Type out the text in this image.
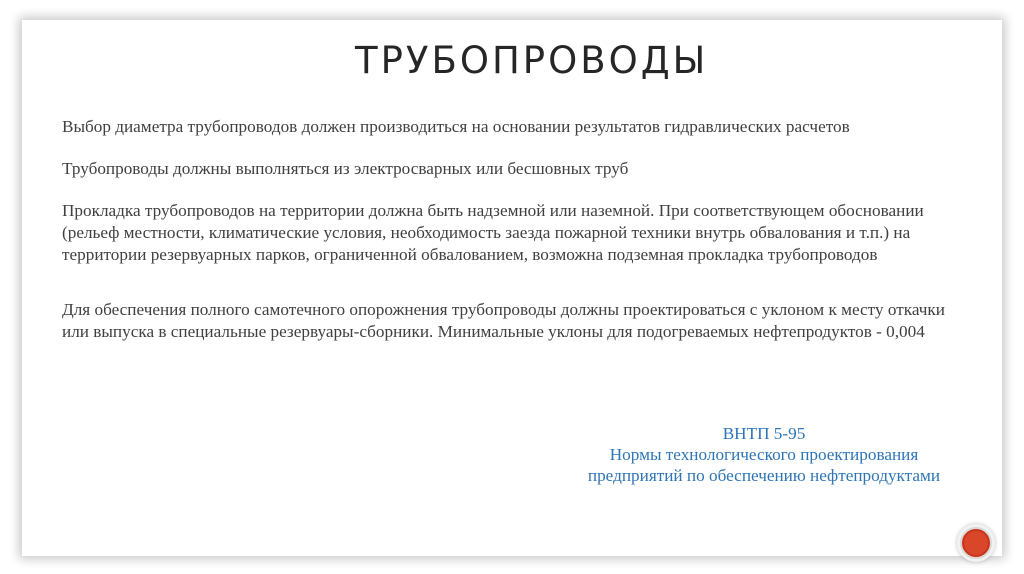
ТРУБОПРОВОДЫ

Выбор диаметра трубопроводов должен производиться на основании результатов гидравлических расчетов

Трубопроводы должны выполняться из электросварных или бесшовных труб

Прокладка трубопроводов на территории должна быть надземной или наземной. При соответствующем обосновании (рельеф местности, климатические условия, необходимость заезда пожарной техники внутрь обвалования и т.п.) на территории резервуарных парков, ограниченной обвалованием, возможна подземная прокладка трубопроводов

Для обеспечения полного самотечного опорожнения трубопроводы должны проектироваться с уклоном к месту откачки или выпуска в специальные резервуары-сборники. Минимальные уклоны для подогреваемых нефтепродуктов - 0,004

ВНТП 5-95
Нормы технологического проектирования
предприятий по обеспечению нефтепродуктами
